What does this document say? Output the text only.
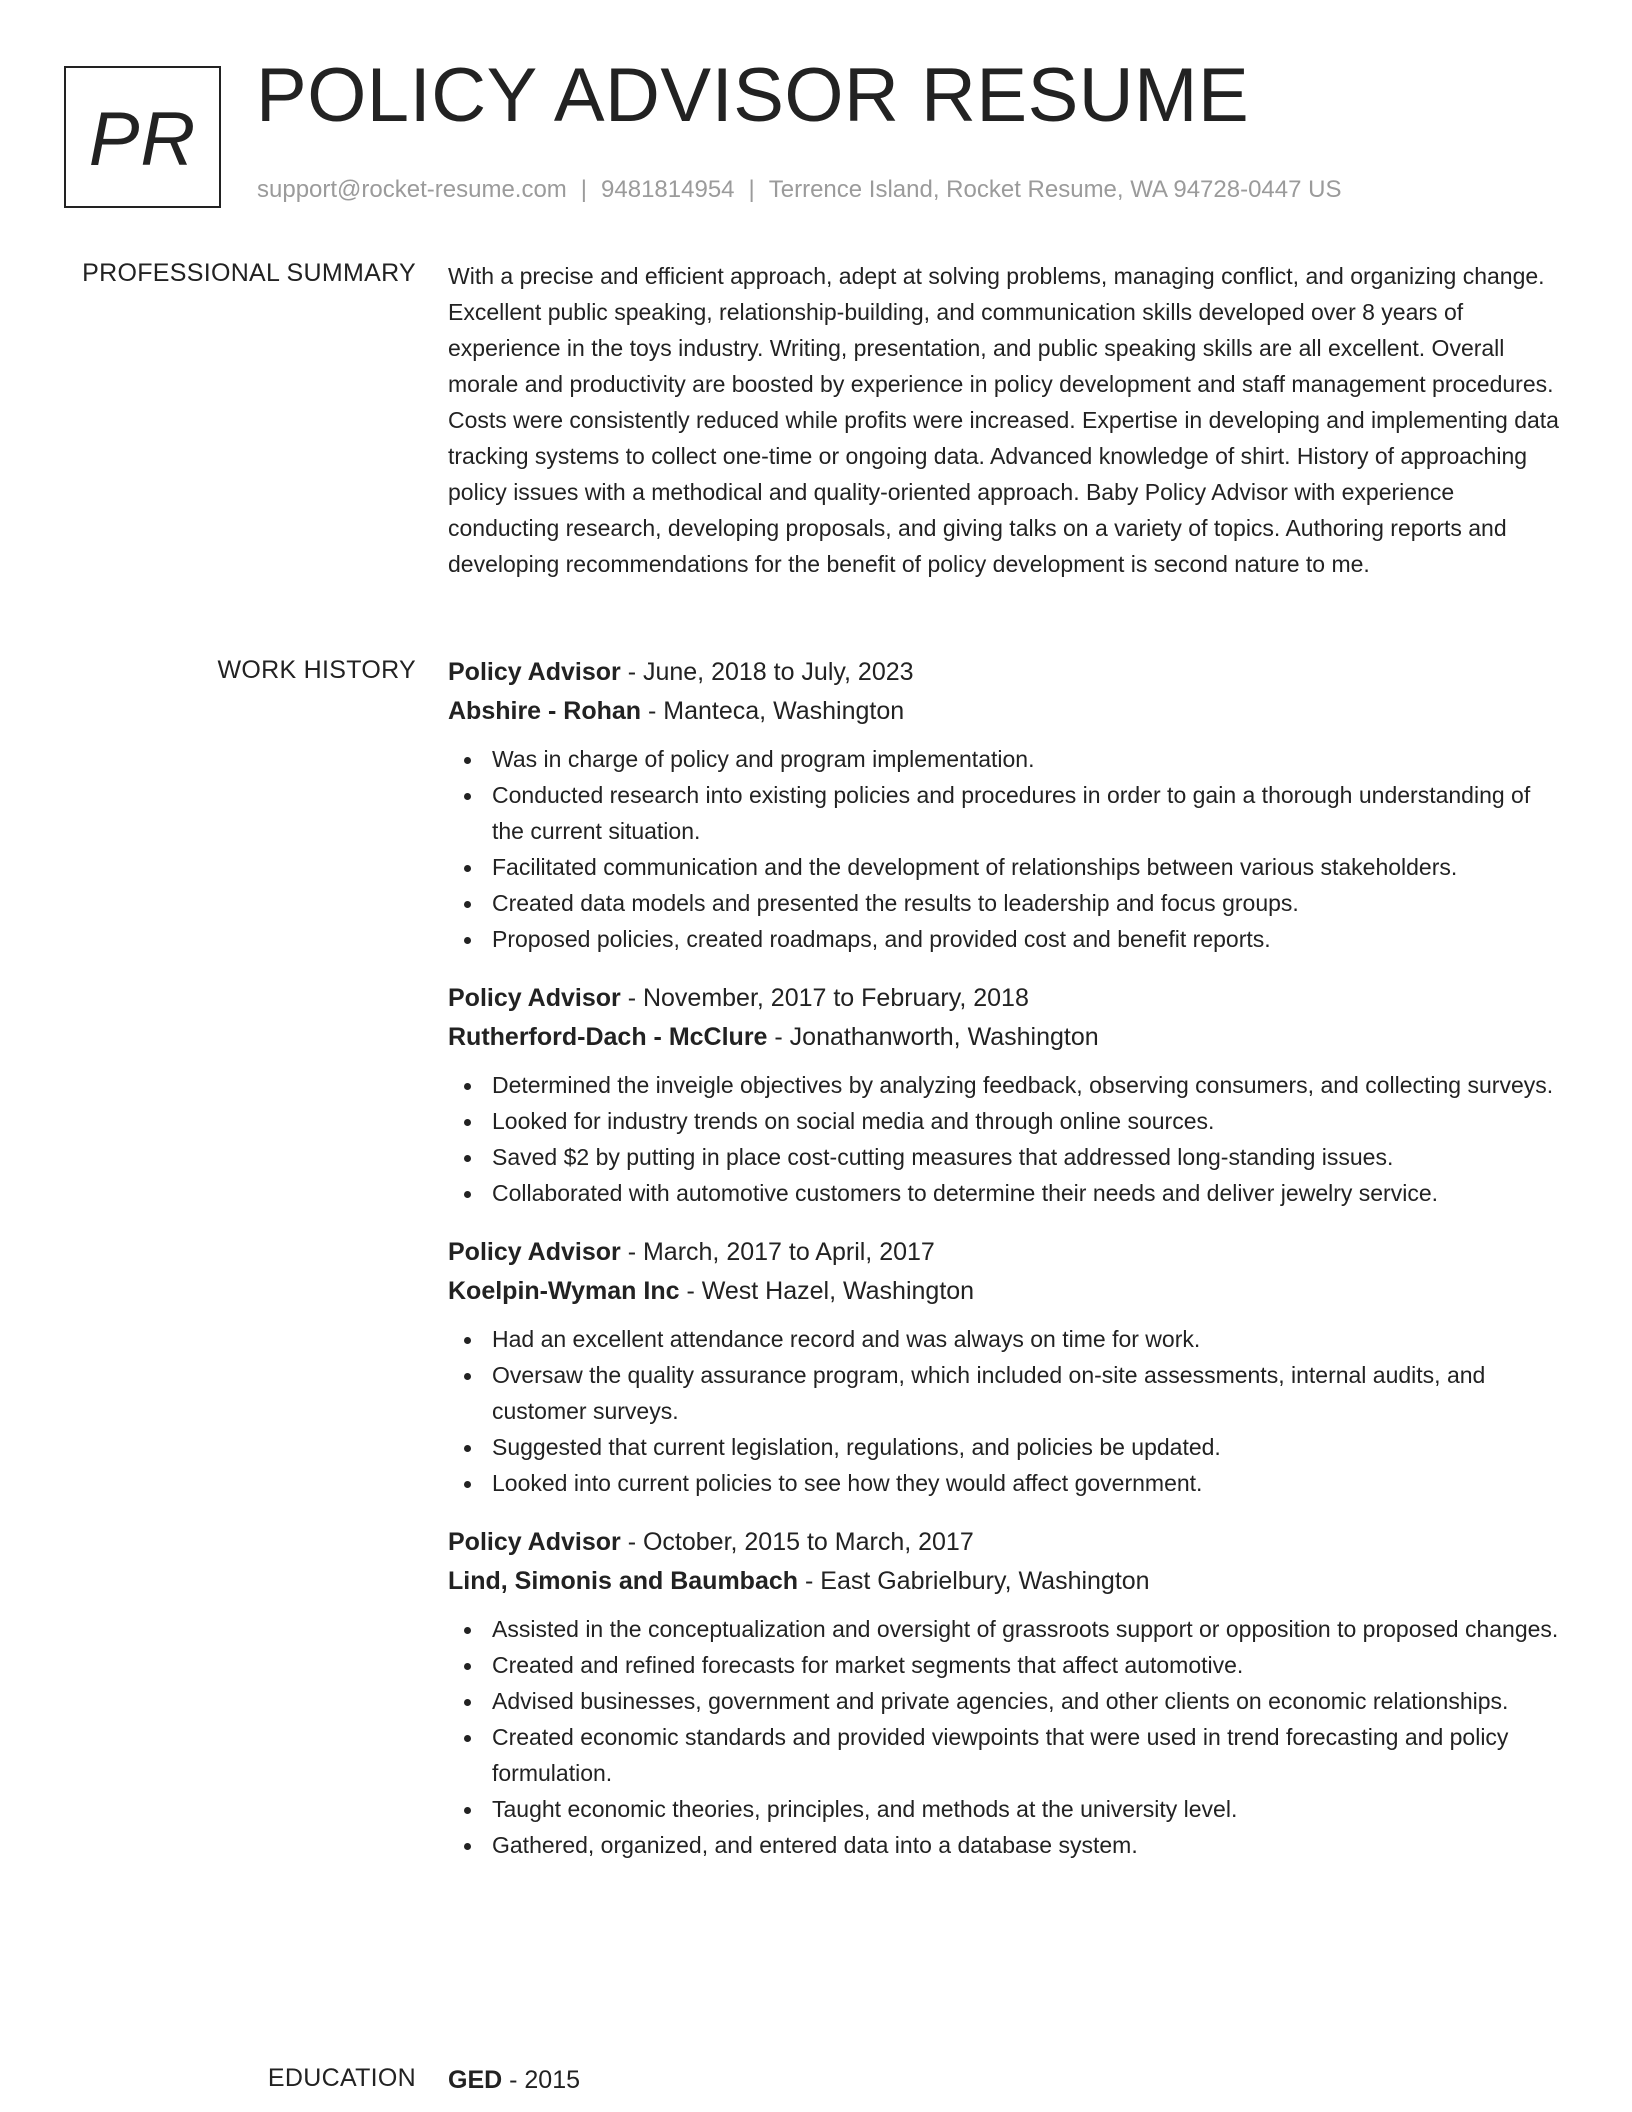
PR
POLICY ADVISOR RESUME
support@rocket-resume.com | 9481814954 | Terrence Island, Rocket Resume, WA 94728-0447 US
PROFESSIONAL SUMMARY With a precise and efficient approach, adept at solving problems, managing conflict, and organizing change. Excellent public speaking, relationship-building, and communication skills developed over 8 years of experience in the toys industry. Writing, presentation, and public speaking skills are all excellent. Overall morale and productivity are boosted by experience in policy development and staff management procedures. Costs were consistently reduced while profits were increased. Expertise in developing and implementing data tracking systems to collect one-time or ongoing data. Advanced knowledge of shirt. History of approaching policy issues with a methodical and quality-oriented approach. Baby Policy Advisor with experience conducting research, developing proposals, and giving talks on a variety of topics. Authoring reports and developing recommendations for the benefit of policy development is second nature to me.

WORK HISTORY Policy Advisor - June, 2018 to July, 2023
Abshire - Rohan - Manteca, Washington
Was in charge of policy and program implementation.
Conducted research into existing policies and procedures in order to gain a thorough understanding of the current situation.
Facilitated communication and the development of relationships between various stakeholders.
Created data models and presented the results to leadership and focus groups.
Proposed policies, created roadmaps, and provided cost and benefit reports.
Policy Advisor - November, 2017 to February, 2018
Rutherford-Dach - McClure - Jonathanworth, Washington
Determined the inveigle objectives by analyzing feedback, observing consumers, and collecting surveys.
Looked for industry trends on social media and through online sources.
Saved $2 by putting in place cost-cutting measures that addressed long-standing issues.
Collaborated with automotive customers to determine their needs and deliver jewelry service.
Policy Advisor - March, 2017 to April, 2017
Koelpin-Wyman Inc - West Hazel, Washington
Had an excellent attendance record and was always on time for work.
Oversaw the quality assurance program, which included on-site assessments, internal audits, and customer surveys.
Suggested that current legislation, regulations, and policies be updated.
Looked into current policies to see how they would affect government.
Policy Advisor - October, 2015 to March, 2017
Lind, Simonis and Baumbach - East Gabrielbury, Washington
Assisted in the conceptualization and oversight of grassroots support or opposition to proposed changes.
Created and refined forecasts for market segments that affect automotive.
Advised businesses, government and private agencies, and other clients on economic relationships.
Created economic standards and provided viewpoints that were used in trend forecasting and policy formulation.
Taught economic theories, principles, and methods at the university level.
Gathered, organized, and entered data into a database system.
EDUCATION GED - 2015
